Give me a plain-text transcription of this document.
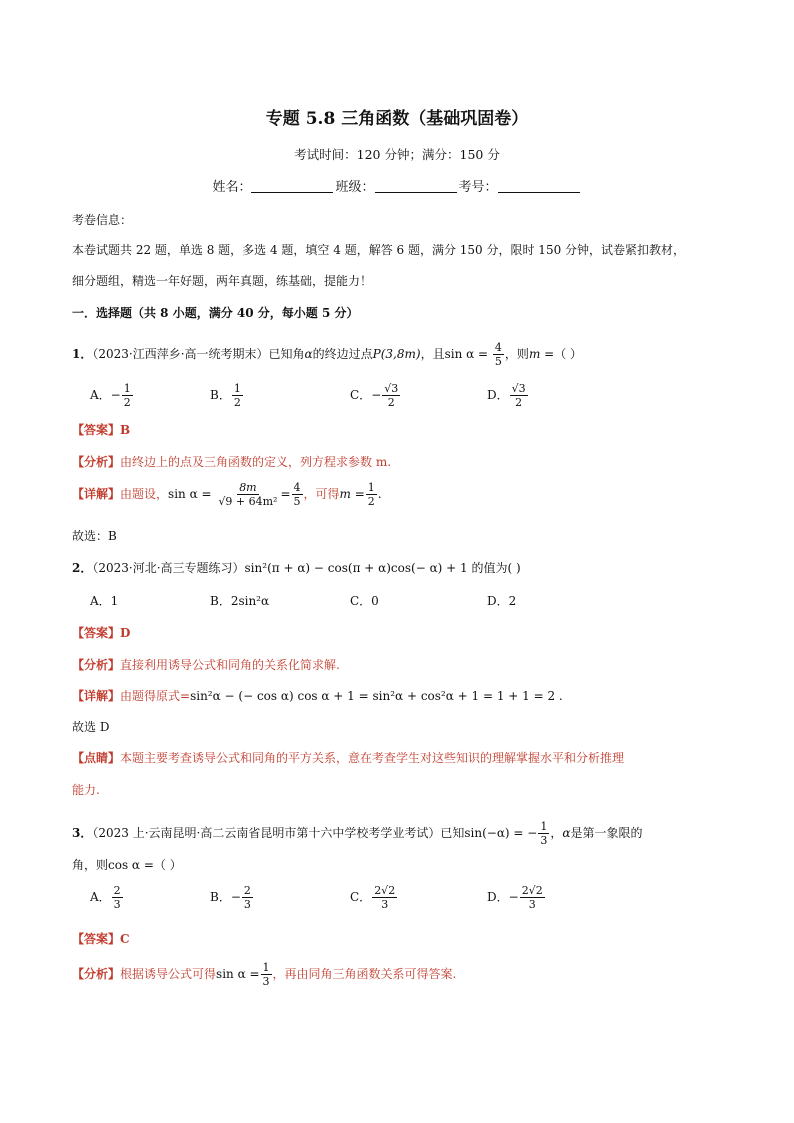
专题 5.8 三角函数（基础巩固卷）
考试时间：120 分钟；满分：150 分
姓名：	班级：	考号：
考卷信息：
本卷试题共 22 题，单选 8 题，多选 4 题，填空 4 题，解答 6 题，满分 150 分，限时 150 分钟，试卷紧扣教材，
细分题组，精选一年好题，两年真题，练基础，提能力！
一．选择题（共 8 小题，满分 40 分，每小题 5 分）
1．（2023·江西萍乡·高一统考期末）已知角α的终边过点P(3,8m)，且$\sin \alpha = \frac{4}{5}$ ，则m =（ ）
A．− $\frac{1}{2}$	B． $\frac{1}{2}$	C．− $\frac{√3}{2}$	D． $\frac{√3}{2}$
【答案】B
【分析】由终边上的点及三角函数的定义，列方程求参数 m.
【详解】由题设，$\sin \alpha = \frac{8m}{\text{√9 + 64m²}} = \frac{4}{5}$ ，可得$m = \frac{1}{2}$ .
故选：B
2．（2023·河北·高三专题练习）sin²(π + α) − cos(π + α)cos(− α) + 1 的值为( )
A．1	B．2sin²α	C．0	D．2
【答案】D
【分析】直接利用诱导公式和同角的关系化简求解.
【详解】由题得原式=sin²α − (− cos α) cos α + 1 = sin²α + cos²α + 1 = 1 + 1 = 2 .
故选 D
【点睛】本题主要考查诱导公式和同角的平方关系，意在考查学生对这些知识的理解掌握水平和分析推理
能力.
3．（2023 上·云南昆明·高二云南省昆明市第十六中学校考学业考试）已知sin(−α) = − $\frac{1}{3}$ ，α是第一象限的
角，则cos α =（ ）
A． $\frac{2}{3}$	B．− $\frac{2}{3}$	C． $\frac{2√2}{3}$	D．− $\frac{2√2}{3}$
【答案】C
【分析】根据诱导公式可得$\sin \alpha = \frac{1}{3}$ ，再由同角三角函数关系可得答案.
